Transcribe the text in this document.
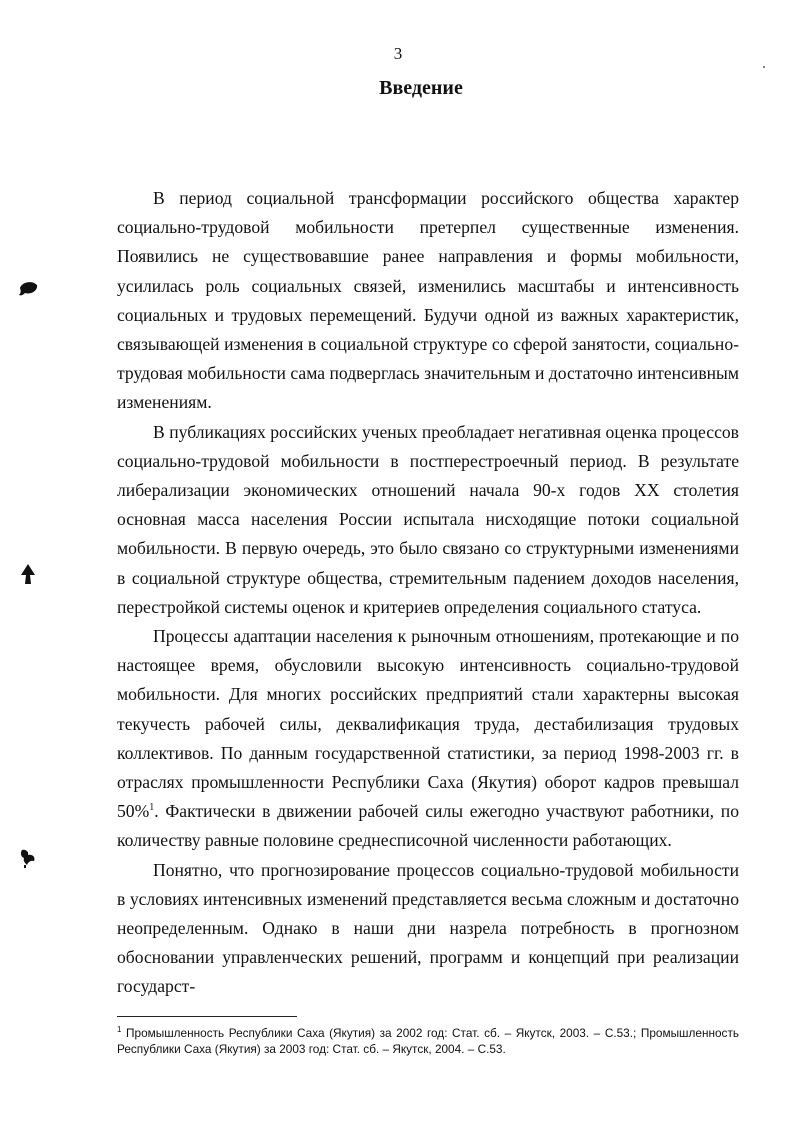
3
Введение

В период социальной трансформации российского общества характер социально-трудовой мобильности претерпел существенные изменения. Появились не существовавшие ранее направления и формы мобильности, усилилась роль социальных связей, изменились масштабы и интенсивность социальных и трудовых перемещений. Будучи одной из важных характеристик, связывающей изменения в социальной структуре со сферой занятости, социально-трудовая мобильности сама подверглась значительным и достаточно интенсивным изменениям.

В публикациях российских ученых преобладает негативная оценка процессов социально-трудовой мобильности в постперестроечный период. В результате либерализации экономических отношений начала 90-х годов XX столетия основная масса населения России испытала нисходящие потоки социальной мобильности. В первую очередь, это было связано со структурными изменениями в социальной структуре общества, стремительным падением доходов населения, перестройкой системы оценок и критериев определения социального статуса.

Процессы адаптации населения к рыночным отношениям, протекающие и по настоящее время, обусловили высокую интенсивность социально-трудовой мобильности. Для многих российских предприятий стали характерны высокая текучесть рабочей силы, деквалификация труда, дестабилизация трудовых коллективов. По данным государственной статистики, за период 1998-2003 гг. в отраслях промышленности Республики Саха (Якутия) оборот кадров превышал 50%$^1$. Фактически в движении рабочей силы ежегодно участвуют работники, по количеству равные половине среднесписочной численности работающих.

Понятно, что прогнозирование процессов социально-трудовой мобильности в условиях интенсивных изменений представляется весьма сложным и достаточно неопределенным. Однако в наши дни назрела потребность в прогнозном обосновании управленческих решений, программ и концепций при реализации государст-

$^1$ Промышленность Республики Саха (Якутия) за 2002 год: Стат. сб. – Якутск, 2003. – С.53.; Промышленность Республики Саха (Якутия) за 2003 год: Стат. сб. – Якутск, 2004. – С.53.
